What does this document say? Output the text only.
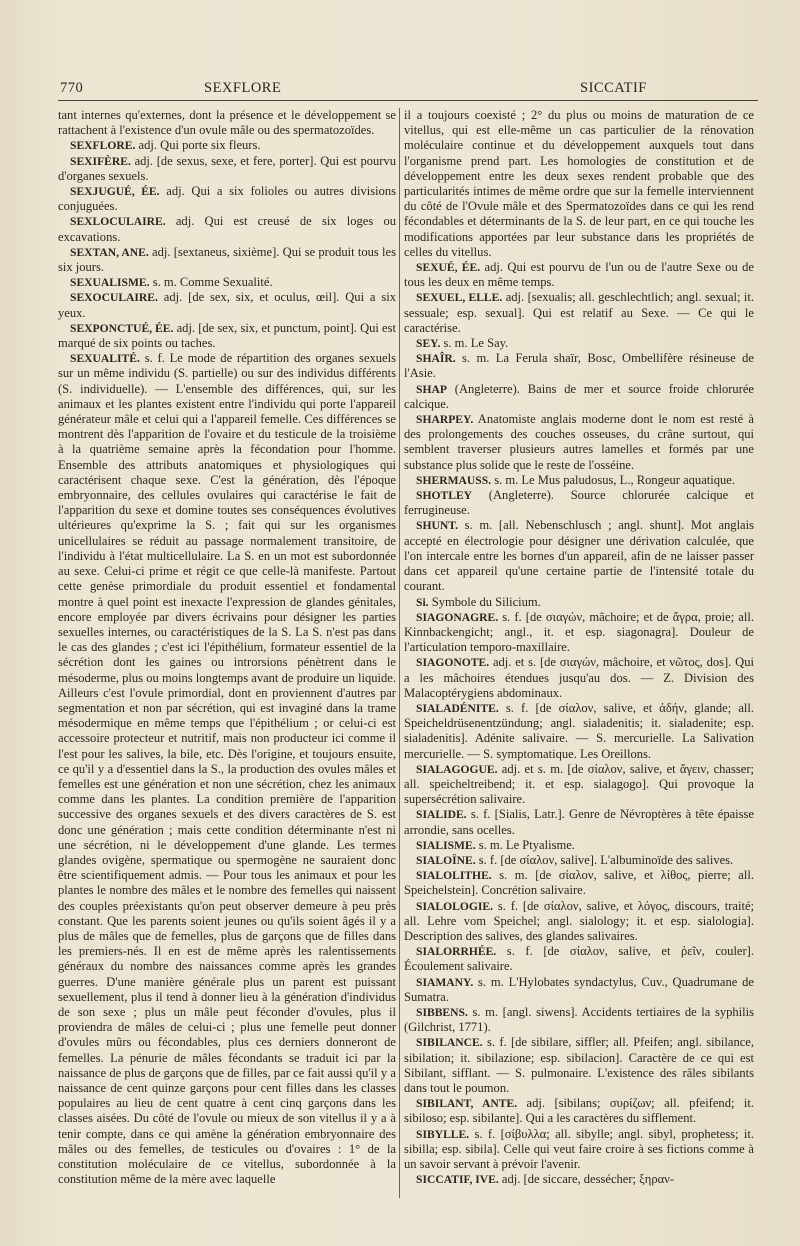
770	SEXFLORE	SICCATIF

tant internes qu'externes, dont la présence et le développement se rattachent à l'existence d'un ovule mâle ou des spermatozoïdes.

SEXFLORE. adj. Qui porte six fleurs.

SEXIFÈRE. adj. [de sexus, sexe, et fere, porter]. Qui est pourvu d'organes sexuels.

SEXJUGUÉ, ÉE. adj. Qui a six folioles ou autres divisions conjuguées.

SEXLOCULAIRE. adj. Qui est creusé de six loges ou excavations.

SEXTAN, ANE. adj. [sextaneus, sixième]. Qui se produit tous les six jours.

SEXUALISME. s. m. Comme Sexualité.

SEXOCULAIRE. adj. [de sex, six, et oculus, œil]. Qui a six yeux.

SEXPONCTUÉ, ÉE. adj. [de sex, six, et punctum, point]. Qui est marqué de six points ou taches.

SEXUALITÉ. s. f. Le mode de répartition des organes sexuels sur un même individu (S. partielle) ou sur des individus différents (S. individuelle). — L'ensemble des différences, qui, sur les animaux et les plantes existent entre l'individu qui porte l'appareil générateur mâle et celui qui a l'appareil femelle. Ces différences se montrent dès l'apparition de l'ovaire et du testicule de la troisième à la quatrième semaine après la fécondation pour l'homme. Ensemble des attributs anatomiques et physiologiques qui caractérisent chaque sexe. C'est la génération, dès l'époque embryonnaire, des cellules ovulaires qui caractérise le fait de l'apparition du sexe et domine toutes ses conséquences évolutives ultérieures qu'exprime la S. ; fait qui sur les organismes unicellulaires se réduit au passage normalement transitoire, de l'individu à l'état multicellulaire. La S. en un mot est subordonnée au sexe. Celui-ci prime et régit ce que celle-là manifeste. Partout cette genèse primordiale du produit essentiel et fondamental montre à quel point est inexacte l'expression de glandes génitales, encore employée par divers écrivains pour désigner les parties sexuelles internes, ou caractéristiques de la S. La S. n'est pas dans le cas des glandes ; c'est ici l'épithélium, formateur essentiel de la sécrétion dont les gaines ou introrsions pénètrent dans le mésoderme, plus ou moins longtemps avant de produire un liquide. Ailleurs c'est l'ovule primordial, dont en proviennent d'autres par segmentation et non par sécrétion, qui est invaginé dans la trame mésodermique en même temps que l'épithélium ; or celui-ci est accessoire protecteur et nutritif, mais non producteur ici comme il l'est pour les salives, la bile, etc. Dès l'origine, et toujours ensuite, ce qu'il y a d'essentiel dans la S., la production des ovules mâles et femelles est une génération et non une sécrétion, chez les animaux comme dans les plantes. La condition première de l'apparition successive des organes sexuels et des divers caractères de S. est donc une génération ; mais cette condition déterminante n'est ni une sécrétion, ni le développement d'une glande. Les termes glandes ovigène, spermatique ou spermogène ne sauraient donc être scientifiquement admis. — Pour tous les animaux et pour les plantes le nombre des mâles et le nombre des femelles qui naissent des couples préexistants qu'on peut observer demeure à peu près constant. Que les parents soient jeunes ou qu'ils soient âgés il y a plus de mâles que de femelles, plus de garçons que de filles dans les premiers-nés. Il en est de même après les ralentissements généraux du nombre des naissances comme après les grandes guerres. D'une manière générale plus un parent est puissant sexuellement, plus il tend à donner lieu à la génération d'individus de son sexe ; plus un mâle peut féconder d'ovules, plus il proviendra de mâles de celui-ci ; plus une femelle peut donner d'ovules mûrs ou fécondables, plus ces derniers donneront de femelles. La pénurie de mâles fécondants se traduit ici par la naissance de plus de garçons que de filles, par ce fait aussi qu'il y a naissance de cent quinze garçons pour cent filles dans les classes populaires au lieu de cent quatre à cent cinq garçons dans les classes aisées. Du côté de l'ovule ou mieux de son vitellus il y a à tenir compte, dans ce qui amène la génération embryonnaire des mâles ou des femelles, de testicules ou d'ovaires : 1° de la constitution moléculaire de ce vitellus, subordonnée à la constitution même de la mère avec laquelle

il a toujours coexisté ; 2° du plus ou moins de maturation de ce vitellus, qui est elle-même un cas particulier de la rénovation moléculaire continue et du développement auxquels tout dans l'organisme prend part. Les homologies de constitution et de développement entre les deux sexes rendent probable que des particularités intimes de même ordre que sur la femelle interviennent du côté de l'Ovule mâle et des Spermatozoïdes dans ce qui les rend fécondables et déterminants de la S. de leur part, en ce qui touche les modifications apportées par leur substance dans les propriétés de celles du vitellus.

SEXUÉ, ÉE. adj. Qui est pourvu de l'un ou de l'autre Sexe ou de tous les deux en même temps.

SEXUEL, ELLE. adj. [sexualis; all. geschlechtlich; angl. sexual; it. sessuale; esp. sexual]. Qui est relatif au Sexe. — Ce qui le caractérise.

SEY. s. m. Le Say.

SHAÎR. s. m. La Ferula shaïr, Bosc, Ombellifère résineuse de l'Asie.

SHAP (Angleterre). Bains de mer et source froide chlorurée calcique.

SHARPEY. Anatomiste anglais moderne dont le nom est resté à des prolongements des couches osseuses, du crâne surtout, qui semblent traverser plusieurs autres lamelles et formés par une substance plus solide que le reste de l'osséine.

SHERMAUSS. s. m. Le Mus paludosus, L., Rongeur aquatique.

SHOTLEY (Angleterre). Source chlorurée calcique et ferrugineuse.

SHUNT. s. m. [all. Nebenschlusch ; angl. shunt]. Mot anglais accepté en électrologie pour désigner une dérivation calculée, que l'on intercale entre les bornes d'un appareil, afin de ne laisser passer dans cet appareil qu'une certaine partie de l'intensité totale du courant.

Si. Symbole du Silicium.

SIAGONAGRE. s. f. [de σιαγών, mâchoire; et de ἄγρα, proie; all. Kinnbackengicht; angl., it. et esp. siagonagra]. Douleur de l'articulation temporo-maxillaire.

SIAGONOTE. adj. et s. [de σιαγών, mâchoire, et νῶτος, dos]. Qui a les mâchoires étendues jusqu'au dos. — Z. Division des Malacoptérygiens abdominaux.

SIALADÉNITE. s. f. [de σίαλον, salive, et ἀδήν, glande; all. Speicheldrüsenentzündung; angl. sialadenitis; it. sialadenite; esp. sialadenitis]. Adénite salivaire. — S. mercurielle. La Salivation mercurielle. — S. symptomatique. Les Oreillons.

SIALAGOGUE. adj. et s. m. [de σίαλον, salive, et ἄγειν, chasser; all. speicheltreibend; it. et esp. sialagogo]. Qui provoque la supersécrétion salivaire.

SIALIDE. s. f. [Sialis, Latr.]. Genre de Névroptères à tête épaisse arrondie, sans ocelles.

SIALISME. s. m. Le Ptyalisme.

SIALOÏNE. s. f. [de σίαλον, salive]. L'albuminoïde des salives.

SIALOLITHE. s. m. [de σίαλον, salive, et λίθος, pierre; all. Speichelstein]. Concrétion salivaire.

SIALOLOGIE. s. f. [de σίαλον, salive, et λόγος, discours, traité; all. Lehre vom Speichel; angl. sialology; it. et esp. sialologia]. Description des salives, des glandes salivaires.

SIALORRHÉE. s. f. [de σίαλον, salive, et ῥεῖν, couler]. Écoulement salivaire.

SIAMANY. s. m. L'Hylobates syndactylus, Cuv., Quadrumane de Sumatra.

SIBBENS. s. m. [angl. siwens]. Accidents tertiaires de la syphilis (Gilchrist, 1771).

SIBILANCE. s. f. [de sibilare, siffler; all. Pfeifen; angl. sibilance, sibilation; it. sibilazione; esp. sibilacion]. Caractère de ce qui est Sibilant, sifflant. — S. pulmonaire. L'existence des râles sibilants dans tout le poumon.

SIBILANT, ANTE. adj. [sibilans; συρίζων; all. pfeifend; it. sibiloso; esp. sibilante]. Qui a les caractères du sifflement.

SIBYLLE. s. f. [σίβυλλα; all. sibylle; angl. sibyl, prophetess; it. sibilla; esp. sibila]. Celle qui veut faire croire à ses fictions comme à un savoir servant à prévoir l'avenir.

SICCATIF, IVE. adj. [de siccare, dessécher; ξηραν-
